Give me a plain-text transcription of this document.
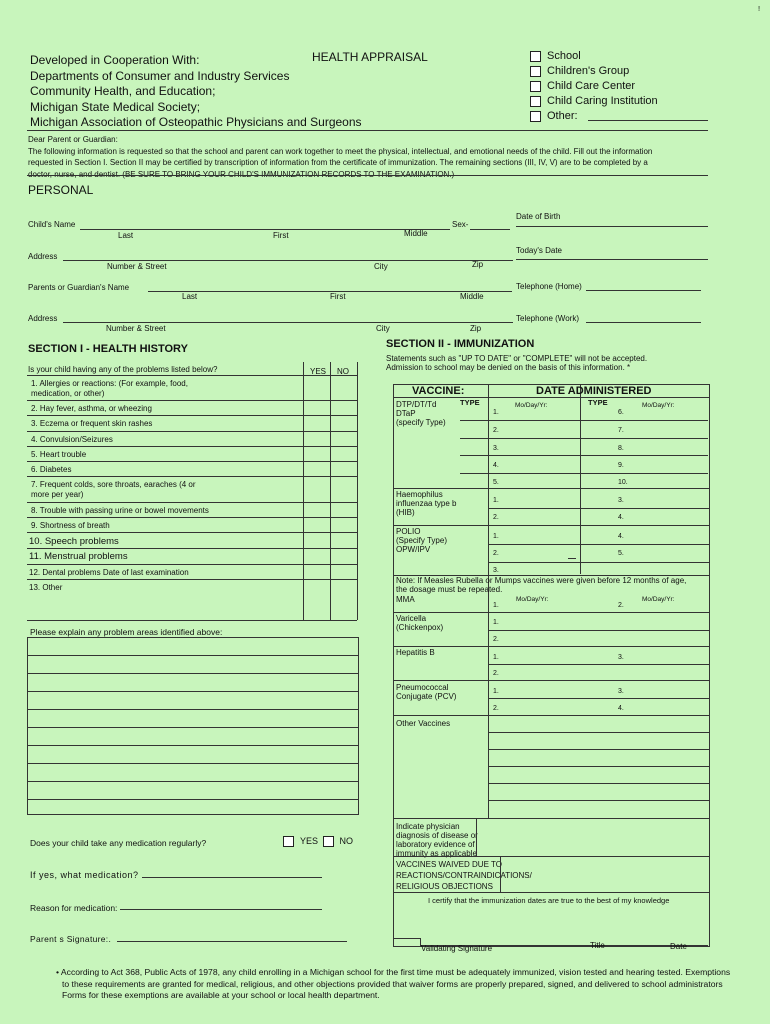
!
Developed in Cooperation With:
Departments of Consumer and Industry Services
Community Health, and Education;
Michigan State Medical Society;
Michigan Association of Osteopathic Physicians and Surgeons
HEALTH APPRAISAL	School
Children's Group
Child Care Center
Child Caring Institution
Other:
Dear Parent or Guardian:
The following information is requested so that the school and parent can work together to meet the physical, intellectual, and emotional needs of the child. Fill out the information
requested in Section I. Section II may be certified by transcription of information from the certificate of immunization. The remaining sections (III, IV, V) are to be completed by a
doctor, nurse, and dentist. (BE SURE TO BRING YOUR CHILD'S IMMUNIZATION RECORDS TO THE EXAMINATION.)
PERSONAL
Date of Birth
Child's Name	Sex-
Last	First	Middle
Today's Date
Address
Number & Street	City	Zip
Parents or Guardian's Name	Telephone (Home)
Last	First	Middle
Address	Telephone (Work)
Number & Street	City	Zip
SECTION I - HEALTH HISTORY
Is your child having any of the problems listed below?	YES NO
1. Allergies or reactions: (For example, food,
medication, or other)
2. Hay fever, asthma, or wheezing
3. Eczema or frequent skin rashes
4. Convulsion/Seizures
5. Heart trouble
6. Diabetes
7. Frequent colds, sore throats, earaches (4 or
more per year)
8. Trouble with passing urine or bowel movements
9. Shortness of breath
10. Speech problems
11. Menstrual problems
12. Dental problems Date of last examination
13. Other
Please explain any problem areas identified above:
Does your child take any medication regularly?	YES NO
If yes, what medication?
Reason for medication:
Parent s Signature:.
SECTION II - IMMUNIZATION
Statements such as "UP TO DATE" or "COMPLETE" will not be accepted.
Admission to school may be denied on the basis of this information. *
VACCINE:	DATE ADMINISTERED
DTP/DT/Td
DTaP
(specify Type)
TYPE	TYPE
Mo/Day/Yr:	Mo/Day/Yr:
1.	6.
2.	7.
3.	8.
4.	9.
5.	10.
Haemophilus
influenzaa type b
(HIB)
1.	3.
2.	4.
POLIO
(Specify Type)
OPW/IPV
1.	4.
2.	5.
3.
Note: If Measles Rubella or Mumps vaccines were given before 12 months of age,
the dosage must be repeated.
MMA	Mo/Day/Yr:	Mo/Day/Yr:
1.	2.
Varicella
(Chickenpox)
1.
2.
Hepatitis B
1.	3.
2.
Pneumococcal
Conjugate (PCV)
1.	3.
2.	4.
Other Vaccines
Indicate physician
diagnosis of disease or
laboratory evidence of
immunity as applicable
VACCINES WAIVED DUE TO
REACTIONS/CONTRAINDICATIONS/
RELIGIOUS OBJECTIONS
I certify that the immunization dates are true to the best of my knowledge
Validating Signature	Title	Date
• According to Act 368, Public Acts of 1978, any child enrolling in a Michigan school for the first time must be adequately immunized, vision tested and hearing tested. Exemptions
to these requirements are granted for medical, religious, and other objections provided that waiver forms are properly prepared, signed, and delivered to school administrators
Forms for these exemptions are available at your school or local health department.
